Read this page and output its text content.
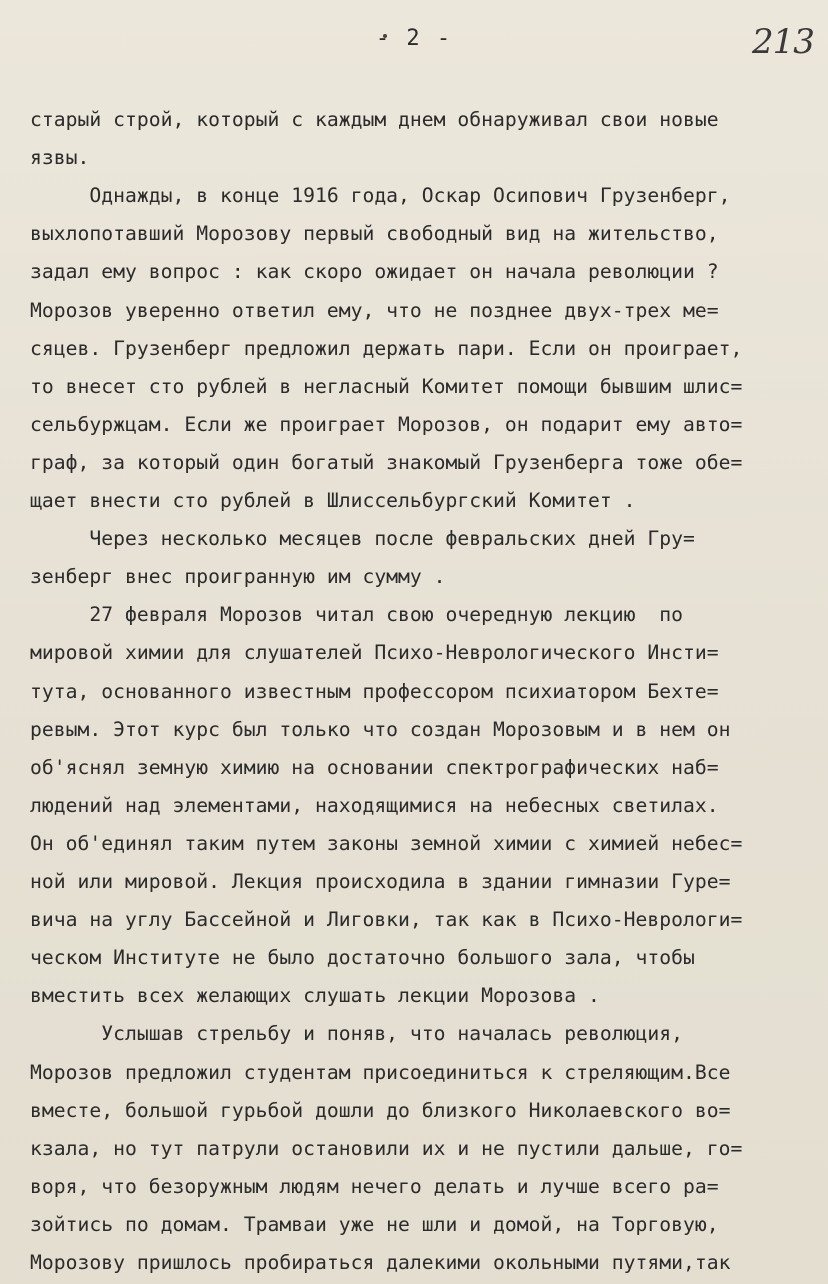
- 2 -	213
старый строй, который с каждым днем обнаруживал свои новые
язвы.
Однажды, в конце 1916 года, Оскар Осипович Грузенберг,
выхлопотавший Морозову первый свободный вид на жительство,
задал ему вопрос : как скоро ожидает он начала революции ?
Морозов уверенно ответил ему, что не позднее двух-трех ме=
сяцев. Грузенберг предложил держать пари. Если он проиграет,
то внесет сто рублей в негласный Комитет помощи бывшим шлис=
сельбуржцам. Если же проиграет Морозов, он подарит ему авто=
граф, за который один богатый знакомый Грузенберга тоже обе=
щает внести сто рублей в Шлиссельбургский Комитет .
Через несколько месяцев после февральских дней Гру=
зенберг внес проигранную им сумму .
27 февраля Морозов читал свою очередную лекцию  по
мировой химии для слушателей Психо-Неврологического Инсти=
тута, основанного известным профессором психиатором Бехте=
ревым. Этот курс был только что создан Морозовым и в нем он
об'яснял земную химию на основании спектрографических наб=
людений над элементами, находящимися на небесных светилах.
Он об'единял таким путем законы земной химии с химией небес=
ной или мировой. Лекция происходила в здании гимназии Гуре=
вича на углу Бассейной и Лиговки, так как в Психо-Неврологи=
ческом Институте не было достаточно большого зала, чтобы
вместить всех желающих слушать лекции Морозова .
Услышав стрельбу и поняв, что началась революция,
Морозов предложил студентам присоединиться к стреляющим.Все
вместе, большой гурьбой дошли до близкого Николаевского во=
кзала, но тут патрули остановили их и не пустили дальше, го=
воря, что безоружным людям нечего делать и лучше всего ра=
зойтись по домам. Трамваи уже не шли и домой, на Торговую,
Морозову пришлось пробираться далекими окольными путями,так
